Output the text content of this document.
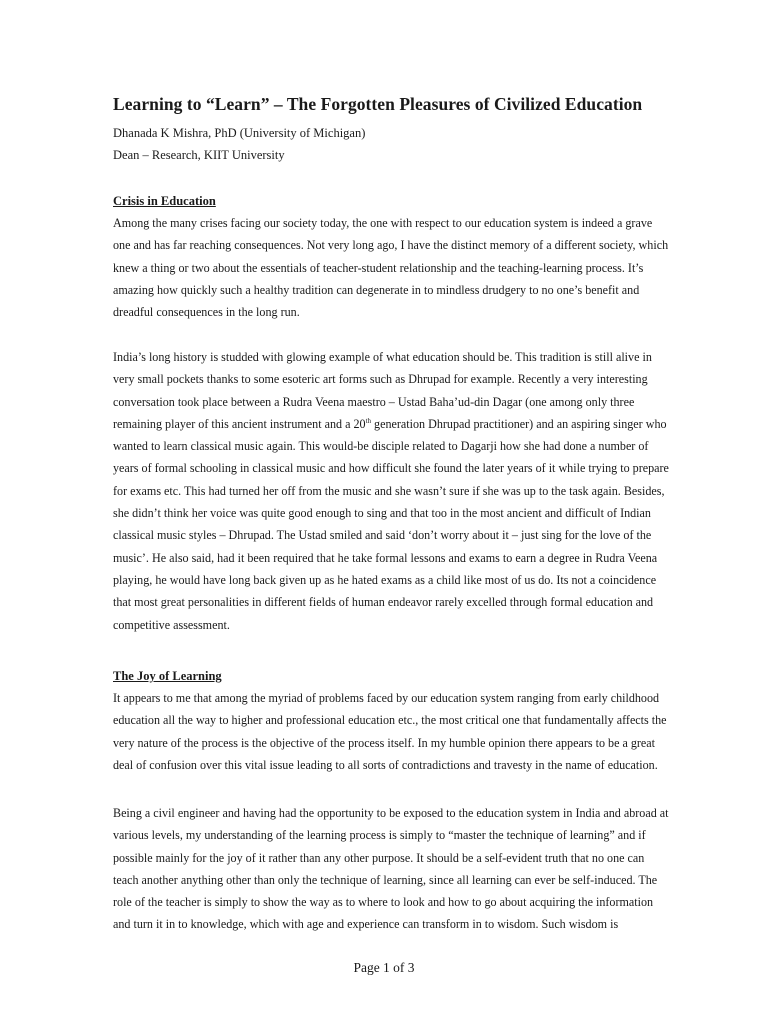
Learning to “Learn” – The Forgotten Pleasures of Civilized Education

Dhanada K Mishra, PhD (University of Michigan)

Dean – Research, KIIT University

Crisis in Education

Among the many crises facing our society today, the one with respect to our education system is indeed a grave
one and has far reaching consequences. Not very long ago, I have the distinct memory of a different society, which
knew a thing or two about the essentials of teacher-student relationship and the teaching-learning process. It’s
amazing how quickly such a healthy tradition can degenerate in to mindless drudgery to no one’s benefit and
dreadful consequences in the long run.

India’s long history is studded with glowing example of what education should be. This tradition is still alive in
very small pockets thanks to some esoteric art forms such as Dhrupad for example. Recently a very interesting
conversation took place between a Rudra Veena maestro – Ustad Baha’ud-din Dagar (one among only three
remaining player of this ancient instrument and a 20th generation Dhrupad practitioner) and an aspiring singer who
wanted to learn classical music again. This would-be disciple related to Dagarji how she had done a number of
years of formal schooling in classical music and how difficult she found the later years of it while trying to prepare
for exams etc. This had turned her off from the music and she wasn’t sure if she was up to the task again. Besides,
she didn’t think her voice was quite good enough to sing and that too in the most ancient and difficult of Indian
classical music styles – Dhrupad. The Ustad smiled and said ‘don’t worry about it – just sing for the love of the
music’. He also said, had it been required that he take formal lessons and exams to earn a degree in Rudra Veena
playing, he would have long back given up as he hated exams as a child like most of us do. Its not a coincidence
that most great personalities in different fields of human endeavor rarely excelled through formal education and
competitive assessment.

The Joy of Learning

It appears to me that among the myriad of problems faced by our education system ranging from early childhood
education all the way to higher and professional education etc., the most critical one that fundamentally affects the
very nature of the process is the objective of the process itself. In my humble opinion there appears to be a great
deal of confusion over this vital issue leading to all sorts of contradictions and travesty in the name of education.

Being a civil engineer and having had the opportunity to be exposed to the education system in India and abroad at
various levels, my understanding of the learning process is simply to “master the technique of learning” and if
possible mainly for the joy of it rather than any other purpose. It should be a self-evident truth that no one can
teach another anything other than only the technique of learning, since all learning can ever be self-induced. The
role of the teacher is simply to show the way as to where to look and how to go about acquiring the information
and turn it in to knowledge, which with age and experience can transform in to wisdom. Such wisdom is

Page 1 of 3
